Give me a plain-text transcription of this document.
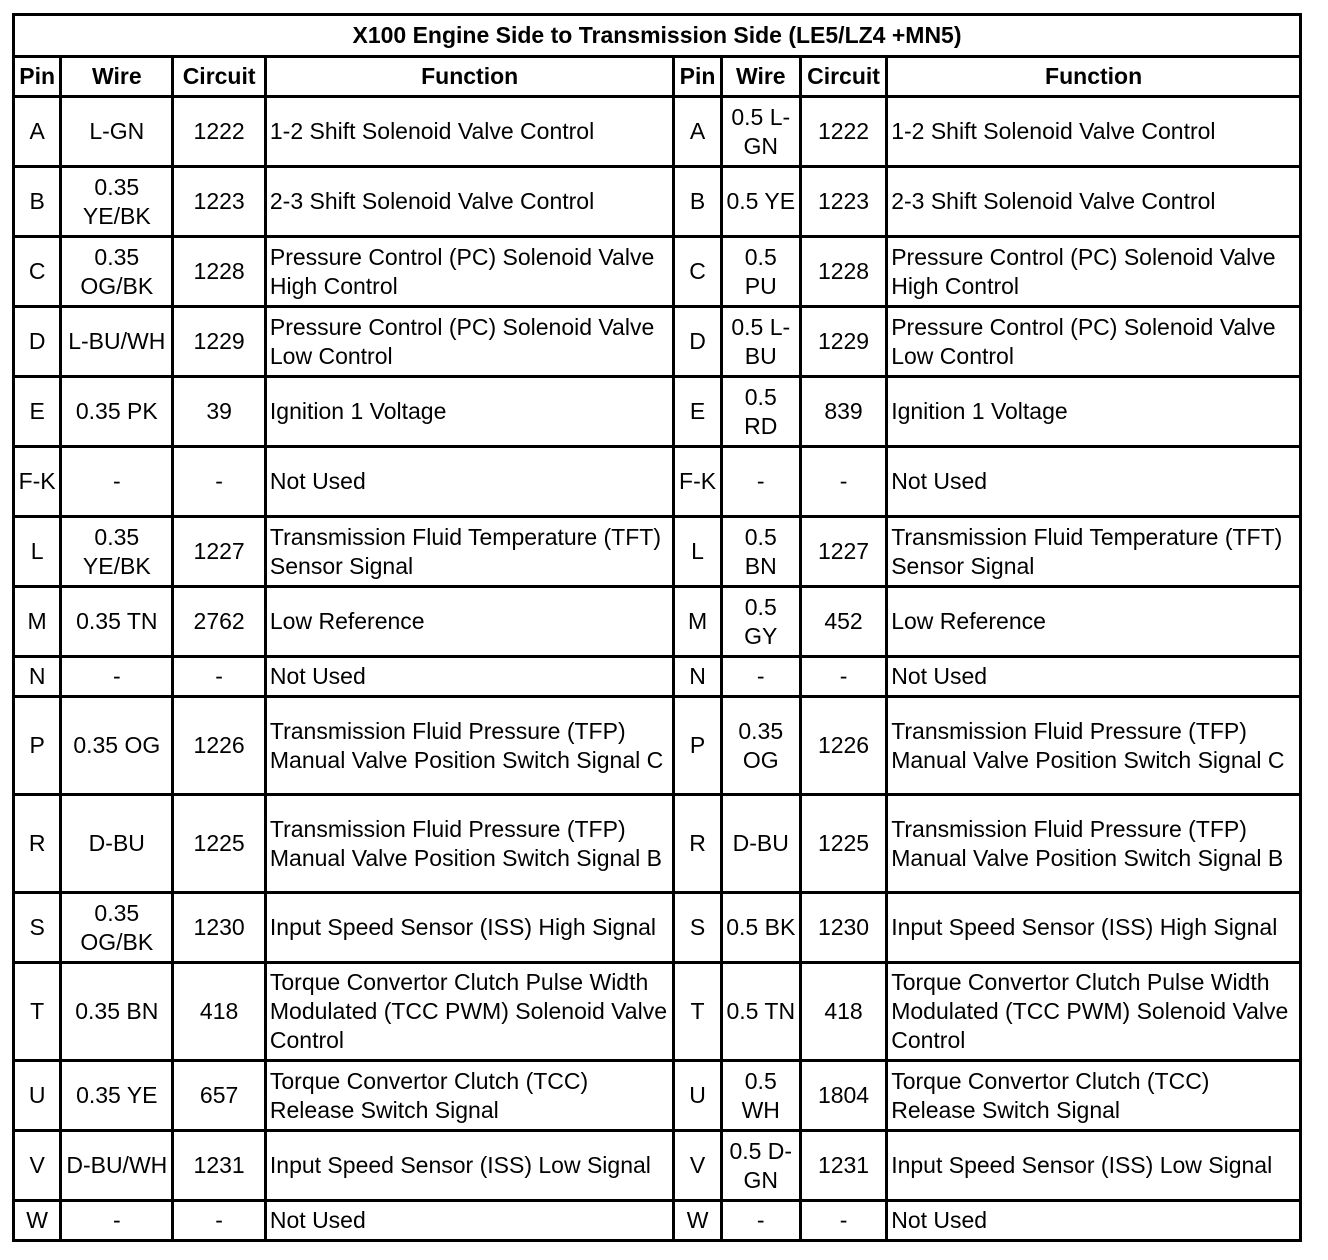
X100 Engine Side to Transmission Side (LE5/LZ4 +MN5)							
Pin	Wire	Circuit	Function	Pin	Wire	Circuit	Function
A	L-GN	1222	1-2 Shift Solenoid Valve Control	A	0.5 L-GN	1222	1-2 Shift Solenoid Valve Control
B	0.35 YE/BK	1223	2-3 Shift Solenoid Valve Control	B	0.5 YE	1223	2-3 Shift Solenoid Valve Control
C	0.35 OG/BK	1228	Pressure Control (PC) Solenoid Valve High Control	C	0.5 PU	1228	Pressure Control (PC) Solenoid Valve High Control
D	L-BU/WH	1229	Pressure Control (PC) Solenoid Valve Low Control	D	0.5 L-BU	1229	Pressure Control (PC) Solenoid Valve Low Control
E	0.35 PK	39	Ignition 1 Voltage	E	0.5 RD	839	Ignition 1 Voltage
F-K	-	-	Not Used	F-K	-	-	Not Used
L	0.35 YE/BK	1227	Transmission Fluid Temperature (TFT) Sensor Signal	L	0.5 BN	1227	Transmission Fluid Temperature (TFT) Sensor Signal
M	0.35 TN	2762	Low Reference	M	0.5 GY	452	Low Reference
N	-	-	Not Used	N	-	-	Not Used
P	0.35 OG	1226	Transmission Fluid Pressure (TFP) Manual Valve Position Switch Signal C	P	0.35 OG	1226	Transmission Fluid Pressure (TFP) Manual Valve Position Switch Signal C
R	D-BU	1225	Transmission Fluid Pressure (TFP) Manual Valve Position Switch Signal B	R	D-BU	1225	Transmission Fluid Pressure (TFP) Manual Valve Position Switch Signal B
S	0.35 OG/BK	1230	Input Speed Sensor (ISS) High Signal	S	0.5 BK	1230	Input Speed Sensor (ISS) High Signal
T	0.35 BN	418	Torque Convertor Clutch Pulse Width Modulated (TCC PWM) Solenoid Valve Control	T	0.5 TN	418	Torque Convertor Clutch Pulse Width Modulated (TCC PWM) Solenoid Valve Control
U	0.35 YE	657	Torque Convertor Clutch (TCC) Release Switch Signal	U	0.5 WH	1804	Torque Convertor Clutch (TCC) Release Switch Signal
V	D-BU/WH	1231	Input Speed Sensor (ISS) Low Signal	V	0.5 D-GN	1231	Input Speed Sensor (ISS) Low Signal
W	-	-	Not Used	W	-	-	Not Used
